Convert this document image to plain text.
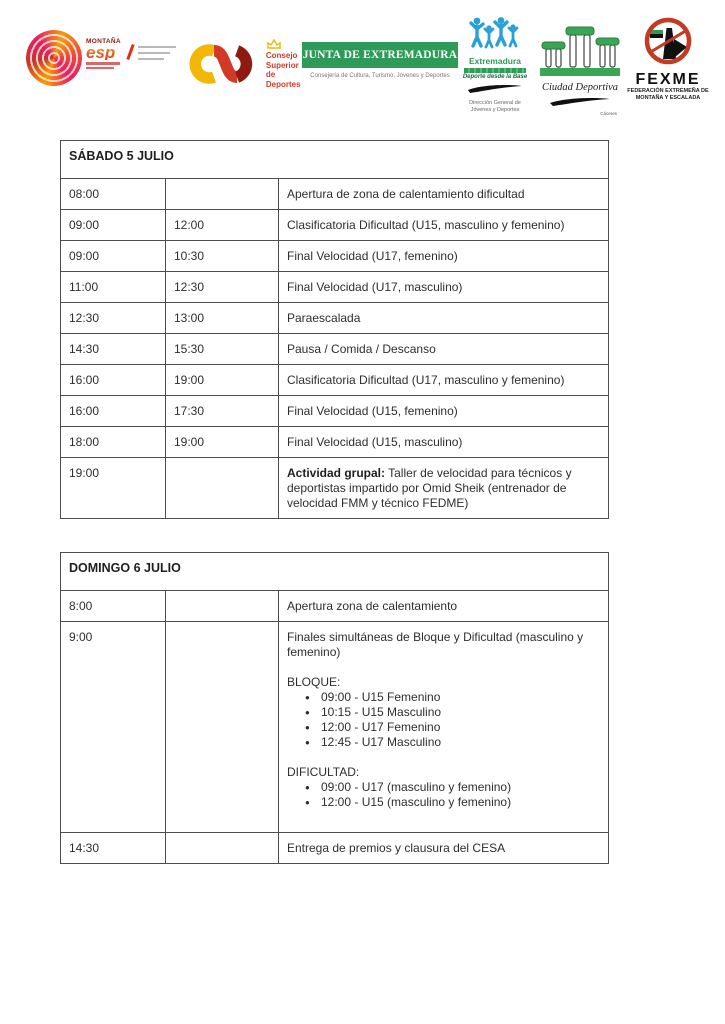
MONTAÑA
esp	Consejo
Superior
de Deportes
JUNTA DE EXTREMADURA
Consejería de Cultura, Turismo, Jóvenes y Deportes
Extremadura
Deporte desde la Base
Dirección General de Jóvenes y Deportes
Ciudad Deportiva
Cáceres
FEXME
FEDERACIÓN EXTREMEÑA DE MONTAÑA Y ESCALADA
SÁBADO 5 JULIO		
08:00		Apertura de zona de calentamiento dificultad

09:00	12:00	Clasificatoria Dificultad (U15, masculino y femenino)

09:00	10:30	Final Velocidad (U17, femenino)

11:00	12:30	Final Velocidad (U17, masculino)

12:30	13:00	Paraescalada

14:30	15:30	Pausa / Comida / Descanso

16:00	19:00	Clasificatoria Dificultad (U17, masculino y femenino)

16:00	17:30	Final Velocidad (U15, femenino)

18:00	19:00	Final Velocidad (U15, masculino)

19:00		Actividad grupal: Taller de velocidad para técnicos y deportistas impartido por Omid Sheik (entrenador de velocidad FMM y técnico FEDME)
DOMINGO 6 JULIO		
8:00		Apertura zona de calentamiento

9:00		Finales simultáneas de Bloque y Dificultad (masculino y femenino)
BLOQUE:
● 09:00 - U15 Femenino
● 10:15 - U15 Masculino
● 12:00 - U17 Femenino
● 12:45 - U17 Masculino
DIFICULTAD:
● 09:00 - U17 (masculino y femenino)
● 12:00 - U15 (masculino y femenino)

14:30		Entrega de premios y clausura del CESA
